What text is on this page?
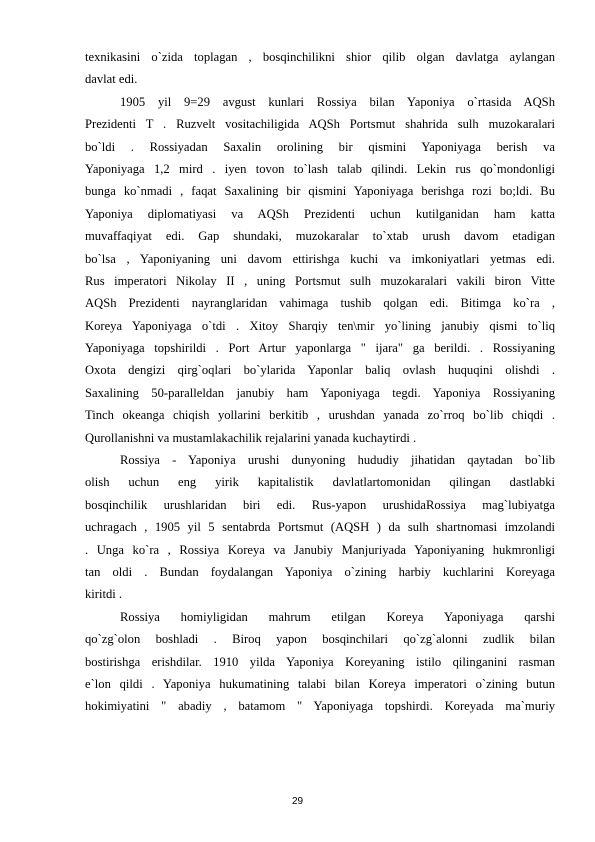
texnikasini o`zida toplagan , bosqinchilikni shior qilib olgan davlatga aylangan
davlat edi.
1905 yil 9=29 avgust kunlari Rossiya bilan Yaponiya o`rtasida AQSh
Prezidenti T . Ruzvelt vositachiligida AQSh Portsmut shahrida sulh muzokaralari
bo`ldi . Rossiyadan Saxalin orolining bir qismini Yaponiyaga berish va
Yaponiyaga 1,2 mird . iyen tovon to`lash talab qilindi. Lekin rus qo`mondonligi
bunga ko`nmadi , faqat Saxalining bir qismini Yaponiyaga berishga rozi bo;ldi. Bu
Yaponiya diplomatiyasi va AQSh Prezidenti uchun kutilganidan ham katta
muvaffaqiyat edi. Gap shundaki, muzokaralar to`xtab urush davom etadigan
bo`lsa , Yaponiyaning uni davom ettirishga kuchi va imkoniyatlari yetmas edi.
Rus imperatori Nikolay II , uning Portsmut sulh muzokaralari vakili biron Vitte
AQSh Prezidenti nayranglaridan vahimaga tushib qolgan edi. Bitimga ko`ra ,
Koreya Yaponiyaga o`tdi . Xitoy Sharqiy ten\mir yo`lining janubiy qismi to`liq
Yaponiyaga topshirildi . Port Artur yaponlarga " ijara" ga berildi. . Rossiyaning
Oxota dengizi qirg`oqlari bo`ylarida Yaponlar baliq ovlash huquqini olishdi .
Saxalining 50-paralleldan janubiy ham Yaponiyaga tegdi. Yaponiya Rossiyaning
Tinch okeanga chiqish yollarini berkitib , urushdan yanada zo`rroq bo`lib chiqdi .
Qurollanishni va mustamlakachilik rejalarini yanada kuchaytirdi .
Rossiya - Yaponiya urushi dunyoning hududiy jihatidan qaytadan bo`lib
olish uchun eng yirik kapitalistik davlatlartomonidan qilingan dastlabki
bosqinchilik urushlaridan biri edi. Rus-yapon urushidaRossiya mag`lubiyatga
uchragach , 1905 yil 5 sentabrda Portsmut (AQSH ) da sulh shartnomasi imzolandi
. Unga ko`ra , Rossiya Koreya va Janubiy Manjuriyada Yaponiyaning hukmronligi
tan oldi . Bundan foydalangan Yaponiya o`zining harbiy kuchlarini Koreyaga
kiritdi .
Rossiya homiyligidan mahrum etilgan Koreya Yaponiyaga qarshi
qo`zg`olon boshladi . Biroq yapon bosqinchilari qo`zg`alonni zudlik bilan
bostirishga erishdilar. 1910 yilda Yaponiya Koreyaning istilo qilinganini rasman
e`lon qildi . Yaponiya hukumatining talabi bilan Koreya imperatori o`zining butun
hokimiyatini " abadiy , batamom " Yaponiyaga topshirdi. Koreyada ma`muriy
29
